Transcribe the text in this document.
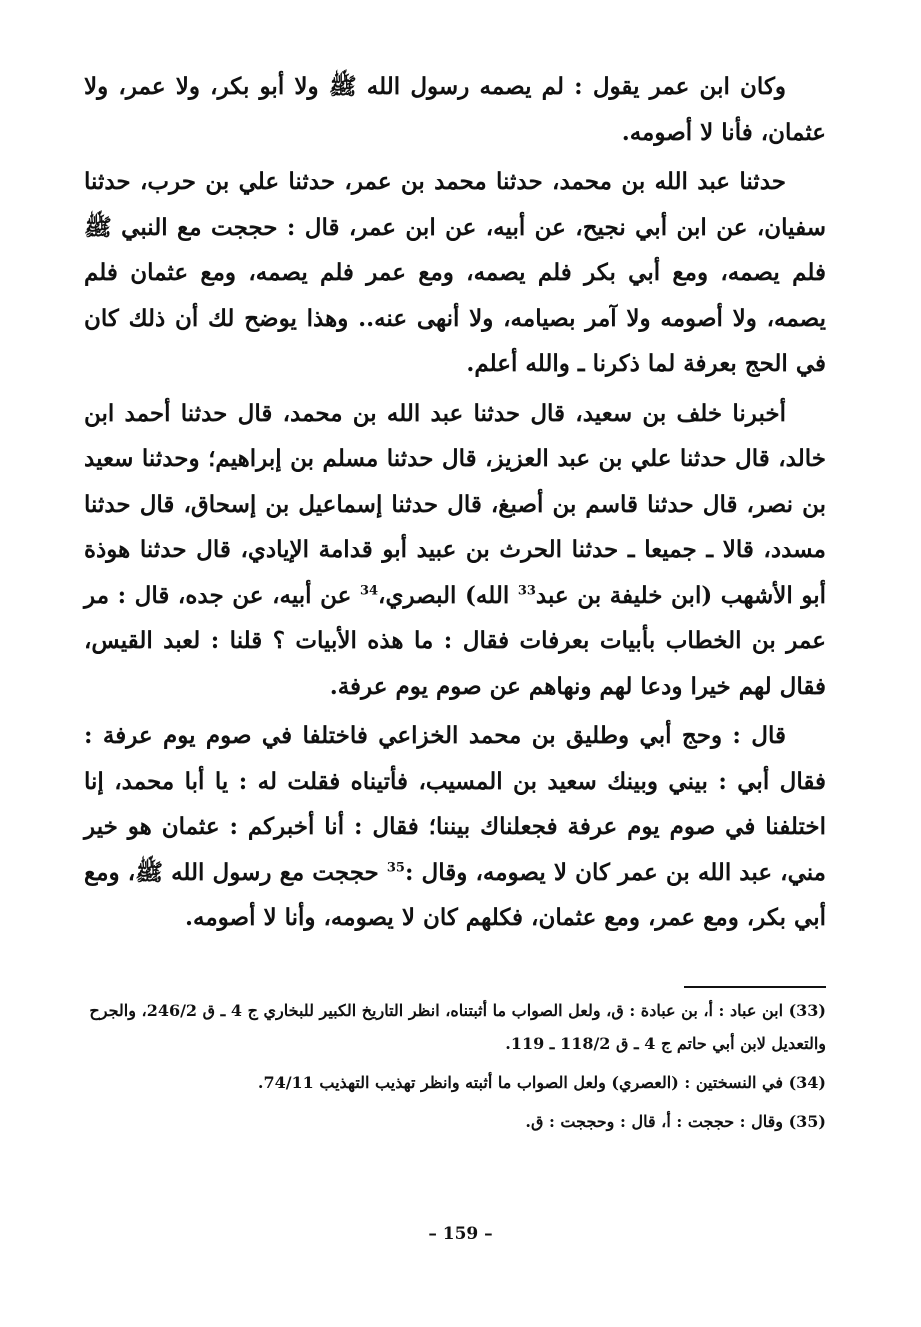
وكان ابن عمر يقول : لم يصمه رسول الله ﷺ ولا أبو بكر، ولا عمر، ولا عثمان، فأنا لا أصومه.

حدثنا عبد الله بن محمد، حدثنا محمد بن عمر، حدثنا علي بن حرب، حدثنا سفيان، عن ابن أبي نجيح، عن أبيه، عن ابن عمر، قال : حججت مع النبي ﷺ فلم يصمه، ومع أبي بكر فلم يصمه، ومع عمر فلم يصمه، ومع عثمان فلم يصمه، ولا أصومه ولا آمر بصيامه، ولا أنهى عنه.. وهذا يوضح لك أن ذلك كان في الحج بعرفة لما ذكرنا ـ والله أعلم.

أخبرنا خلف بن سعيد، قال حدثنا عبد الله بن محمد، قال حدثنا أحمد ابن خالد، قال حدثنا علي بن عبد العزيز، قال حدثنا مسلم بن إبراهيم؛ وحدثنا سعيد بن نصر، قال حدثنا قاسم بن أصبغ، قال حدثنا إسماعيل بن إسحاق، قال حدثنا مسدد، قالا ـ جميعا ـ حدثنا الحرث بن عبيد أبو قدامة الإيادي، قال حدثنا هوذة أبو الأشهب (ابن خليفة بن عبد$^{33}$ الله) البصري،$^{34}$ عن أبيه، عن جده، قال : مر عمر بن الخطاب بأبيات بعرفات فقال : ما هذه الأبيات ؟ قلنا : لعبد القيس، فقال لهم خيرا ودعا لهم ونهاهم عن صوم يوم عرفة.

قال : وحج أبي وطليق بن محمد الخزاعي فاختلفا في صوم يوم عرفة : فقال أبي : بيني وبينك سعيد بن المسيب، فأتيناه فقلت له : يا أبا محمد، إنا اختلفنا في صوم يوم عرفة فجعلناك بيننا؛ فقال : أنا أخبركم : عثمان هو خير مني، عبد الله بن عمر كان لا يصومه، وقال :$^{35}$ حججت مع رسول الله ﷺ، ومع أبي بكر، ومع عمر، ومع عثمان، فكلهم كان لا يصومه، وأنا لا أصومه.

(33) ابن عباد : أ، بن عبادة : ق، ولعل الصواب ما أثبتناه، انظر التاريخ الكبير للبخاري ج 4 ـ ق 246/2، والجرح والتعديل لابن أبي حاتم ج 4 ـ ق 118/2 ـ 119.

(34) في النسختين : (العصري) ولعل الصواب ما أثبته وانظر تهذيب التهذيب 74/11.

(35) وقال : حججت : أ، قال : وحججت : ق.

– 159 –
